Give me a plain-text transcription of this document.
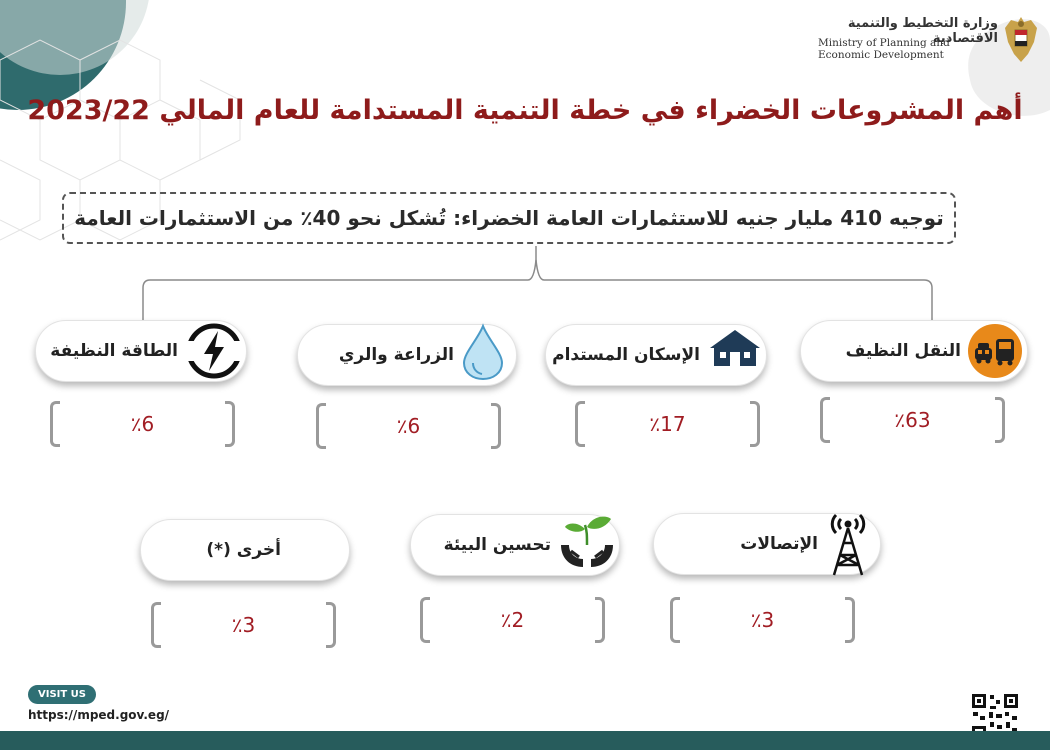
وزارة التخطيط والتنمية الاقتصادية
Ministry of Planning and Economic Development
أهم المشروعات الخضراء في خطة التنمية المستدامة للعام المالي 2023/22
توجيه 410 مليار جنيه للاستثمارات العامة الخضراء: تُشكل نحو 40٪ من الاستثمارات العامة
النقل النظيف
الإسكان المستدام
الزراعة والري
الطاقة النظيفة
٪63
٪17
٪6
٪6
الإتصالات
تحسين البيئة
أخرى (*)
٪3
٪2
٪3
VISIT US
https://mped.gov.eg/
